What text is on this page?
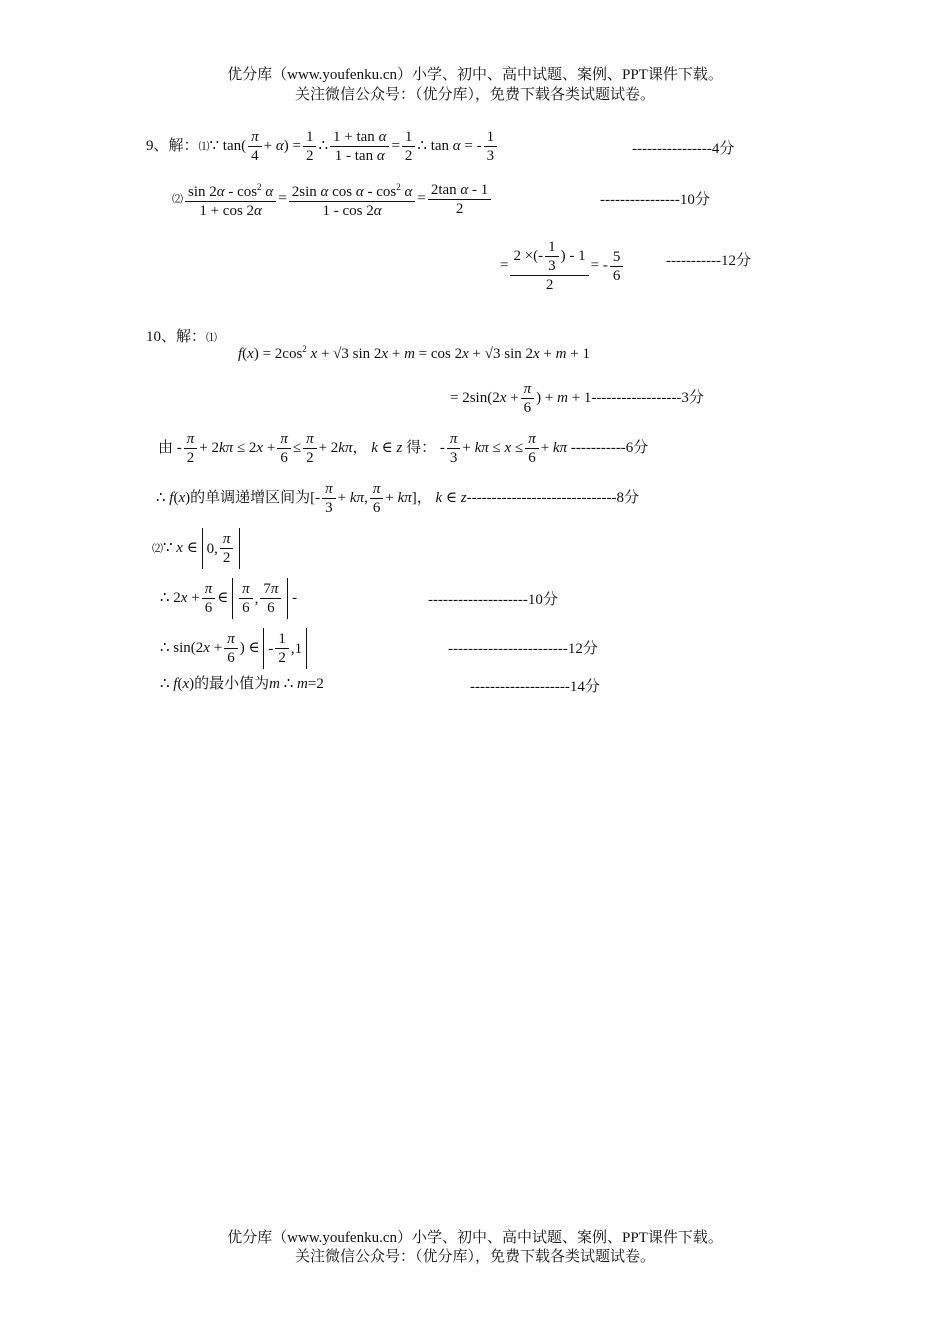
优分库（www.youfenku.cn）小学、初中、高中试题、案例、PPT课件下载。
关注微信公众号：（优分库），免费下载各类试题试卷。
9、解：⑴∵ $\tan( \frac{\pi}{4} + \alpha) = \frac{1}{2}$ ∴ $\frac{\text{1 + tan α}}{\text{1 - tan α}} = \frac{1}{2}$ ∴ tan α = - $\frac{1}{3}$	----------------4分
⑵ $\frac{\sin 2\alpha - \cos^2 \alpha}{1 + \cos 2\alpha} = \frac{2\sin \alpha \cos \alpha - \cos^2 \alpha}{1 - \cos 2\alpha} = \frac{\text{2tan α - 1}}{2}$	----------------10分
= $\frac{2 \times(- \frac{1}{3} ) - 1}{2}$ = - $\frac{5}{6}$	-----------12分
10、解：⑴
$f(x) = 2\cos^2$ x + √3 sin 2x + m = cos 2x + √3 sin 2x + m + 1
= $2\sin(2x + \frac{\pi}{6}$ ) + m + 1------------------3分
由 - $\frac{\pi}{2} + 2k\pi \le 2x + \frac{\pi}{6} \le \frac{\pi}{2} + 2k\pi$， k ∈ z 得： - $\frac{\pi}{3} + k\pi \le x \le \frac{\pi}{6} + k\pi$ -----------6分
∴ f(x)的单调递增区间为[- $\frac{\pi}{3} + k\pi$, $\frac{\pi}{6} + k\pi$]， k ∈ z------------------------------8分
⑵∵ x ∈ 0, $\frac{\pi}{2}$
∴ $2x + \frac{\pi}{6}$ ∈ $\frac{\pi}{6}$ , $\frac{7\pi}{6}$ -	--------------------10分
∴ $\sin(2x + \frac{\pi}{6}$ ) ∈ - $\frac{1}{2} ,1$	------------------------12分
∴ f(x)的最小值为m ∴ m=2	--------------------14分
优分库（www.youfenku.cn）小学、初中、高中试题、案例、PPT课件下载。
关注微信公众号：（优分库），免费下载各类试题试卷。
